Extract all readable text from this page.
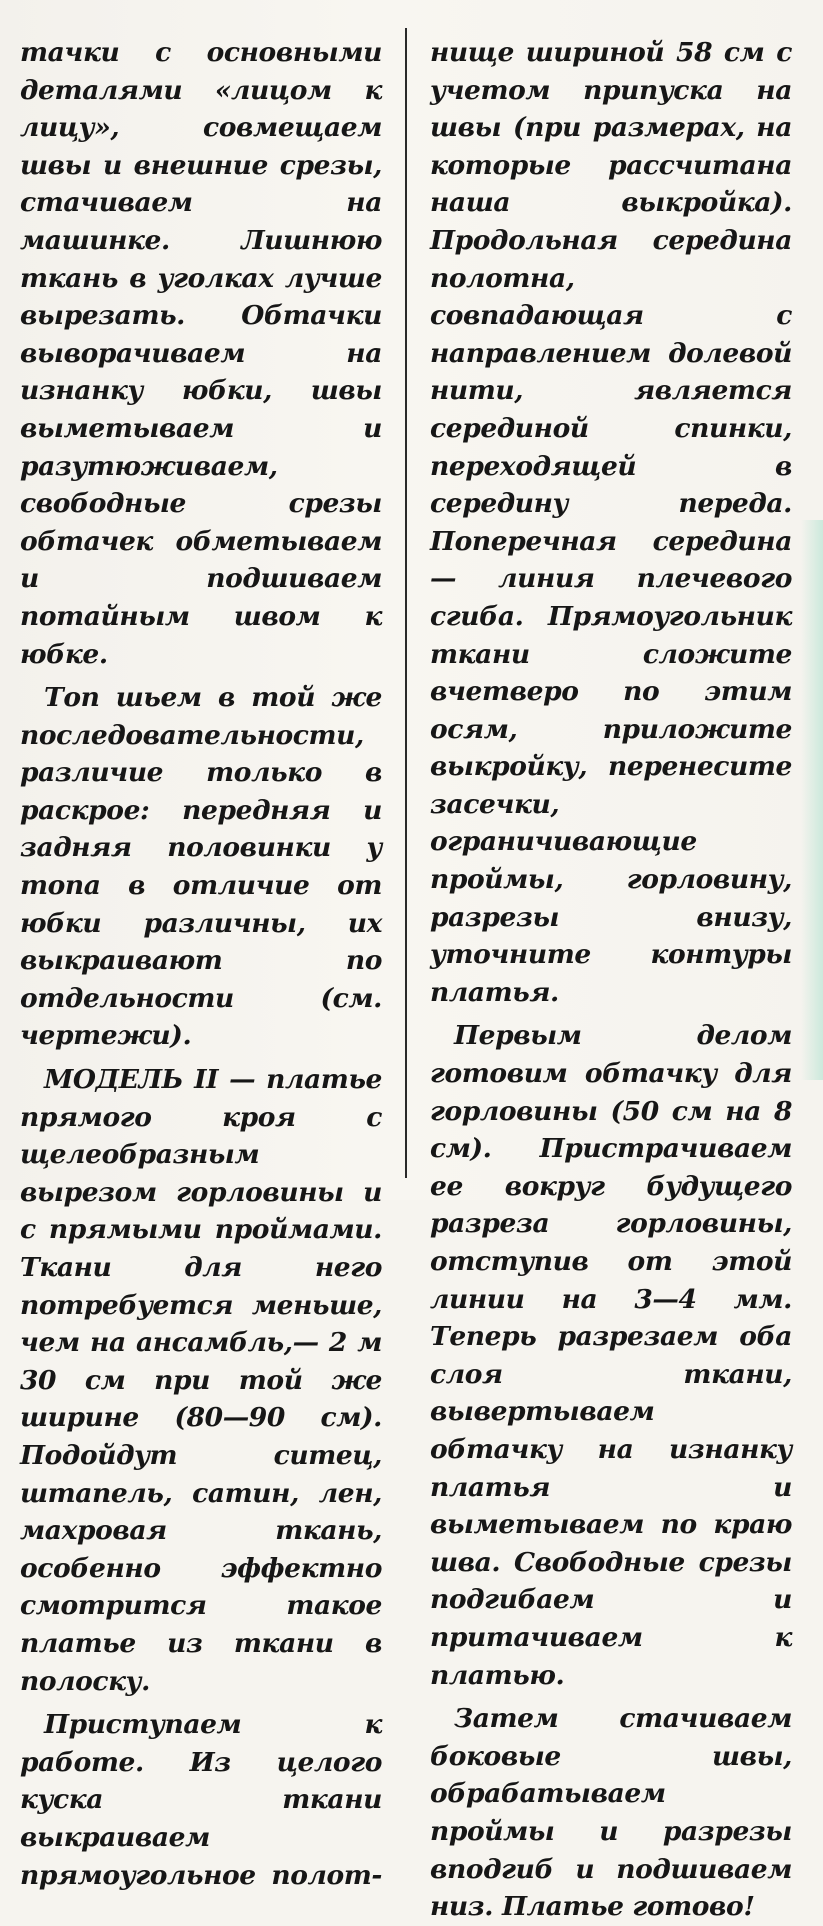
тачки с основными деталями «лицом к лицу», совмещаем швы и внешние срезы, стачиваем на машинке. Лишнюю ткань в уголках лучше вырезать. Обтачки выворачиваем на изнанку юбки, швы выметываем и разутюживаем, свободные срезы обтачек обметываем и подшиваем потайным швом к юбке.

Топ шьем в той же последовательности, различие только в раскрое: передняя и задняя половинки у топа в отличие от юбки различны, их выкраивают по отдельности (см. чертежи).

МОДЕЛЬ II — платье прямого кроя с щелеобразным вырезом горловины и с прямыми проймами. Ткани для него потребуется меньше, чем на ансамбль,— 2 м 30 см при той же ширине (80—90 см). Подойдут ситец, штапель, сатин, лен, махровая ткань, особенно эффектно смотрится такое платье из ткани в полоску.

Приступаем к работе. Из целого куска ткани выкраиваем прямоугольное полот-

нище шириной 58 см с учетом припуска на швы (при размерах, на которые рассчитана наша выкройка). Продольная середина полотна, совпадающая с направлением долевой нити, является серединой спинки, переходящей в середину переда. Поперечная середина — линия плечевого сгиба. Прямоугольник ткани сложите вчетверо по этим осям, приложите выкройку, перенесите засечки, ограничивающие проймы, горловину, разрезы внизу, уточните контуры платья.

Первым делом готовим обтачку для горловины (50 см на 8 см). Пристрачиваем ее вокруг будущего разреза горловины, отступив от этой линии на 3—4 мм. Теперь разрезаем оба слоя ткани, вывертываем обтачку на изнанку платья и выметываем по краю шва. Свободные срезы подгибаем и притачиваем к платью.

Затем стачиваем боковые швы, обрабатываем проймы и разрезы вподгиб и подшиваем низ. Платье готово!
